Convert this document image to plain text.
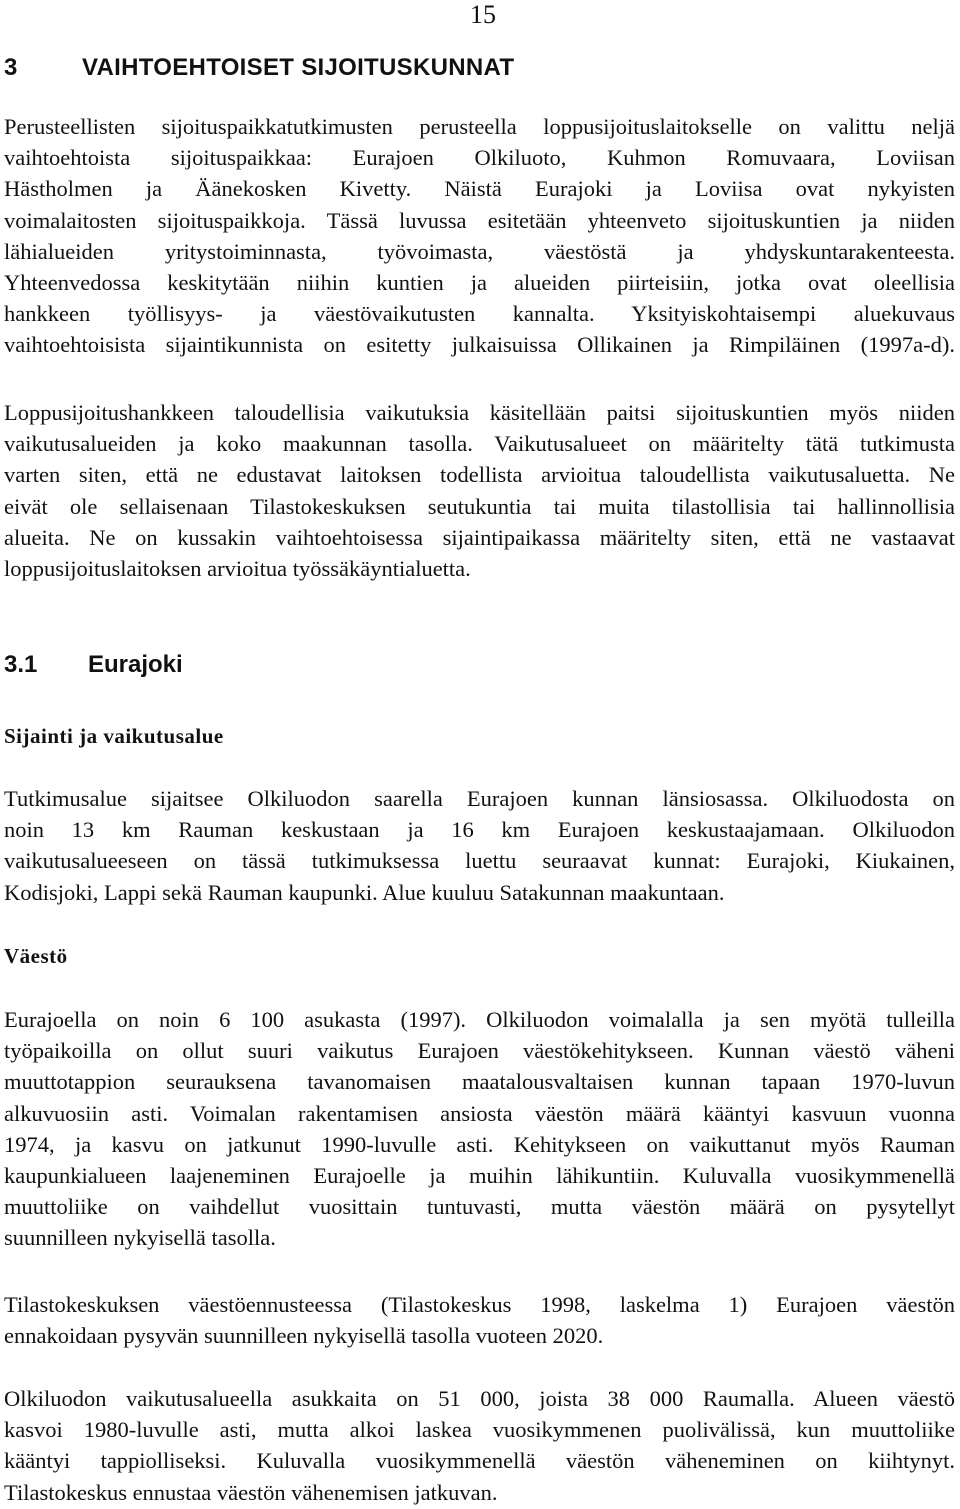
15
3	VAIHTOEHTOISET SIJOITUSKUNNAT
Perusteellisten sijoituspaikkatutkimusten perusteella loppusijoituslaitokselle on valittu neljä
vaihtoehtoista sijoituspaikkaa: Eurajoen Olkiluoto, Kuhmon Romuvaara, Loviisan
Hästholmen ja Äänekosken Kivetty. Näistä Eurajoki ja Loviisa ovat nykyisten
voimalaitosten sijoituspaikkoja. Tässä luvussa esitetään yhteenveto sijoituskuntien ja niiden
lähialueiden yritystoiminnasta, työvoimasta, väestöstä ja yhdyskuntarakenteesta.
Yhteenvedossa keskitytään niihin kuntien ja alueiden piirteisiin, jotka ovat oleellisia
hankkeen työllisyys- ja väestövaikutusten kannalta. Yksityiskohtaisempi aluekuvaus
vaihtoehtoisista sijaintikunnista on esitetty julkaisuissa Ollikainen ja Rimpiläinen (1997a-d).
Loppusijoitushankkeen taloudellisia vaikutuksia käsitellään paitsi sijoituskuntien myös niiden
vaikutusalueiden ja koko maakunnan tasolla. Vaikutusalueet on määritelty tätä tutkimusta
varten siten, että ne edustavat laitoksen todellista arvioitua taloudellista vaikutusaluetta. Ne
eivät ole sellaisenaan Tilastokeskuksen seutukuntia tai muita tilastollisia tai hallinnollisia
alueita. Ne on kussakin vaihtoehtoisessa sijaintipaikassa määritelty siten, että ne vastaavat
loppusijoituslaitoksen arvioitua työssäkäyntialuetta.
3.1 Eurajoki
Sijainti ja vaikutusalue
Tutkimusalue sijaitsee Olkiluodon saarella Eurajoen kunnan länsiosassa. Olkiluodosta on
noin 13 km Rauman keskustaan ja 16 km Eurajoen keskustaajamaan. Olkiluodon
vaikutusalueeseen on tässä tutkimuksessa luettu seuraavat kunnat: Eurajoki, Kiukainen,
Kodisjoki, Lappi sekä Rauman kaupunki. Alue kuuluu Satakunnan maakuntaan.
Väestö
Eurajoella on noin 6 100 asukasta (1997). Olkiluodon voimalalla ja sen myötä tulleilla
työpaikoilla on ollut suuri vaikutus Eurajoen väestökehitykseen. Kunnan väestö väheni
muuttotappion seurauksena tavanomaisen maatalousvaltaisen kunnan tapaan 1970-luvun
alkuvuosiin asti. Voimalan rakentamisen ansiosta väestön määrä kääntyi kasvuun vuonna
1974, ja kasvu on jatkunut 1990-luvulle asti. Kehitykseen on vaikuttanut myös Rauman
kaupunkialueen laajeneminen Eurajoelle ja muihin lähikuntiin. Kuluvalla vuosikymmenellä
muuttoliike on vaihdellut vuosittain tuntuvasti, mutta väestön määrä on pysytellyt
suunnilleen nykyisellä tasolla.
Tilastokeskuksen väestöennusteessa (Tilastokeskus 1998, laskelma 1) Eurajoen väestön
ennakoidaan pysyvän suunnilleen nykyisellä tasolla vuoteen 2020.
Olkiluodon vaikutusalueella asukkaita on 51 000, joista 38 000 Raumalla. Alueen väestö
kasvoi 1980-luvulle asti, mutta alkoi laskea vuosikymmenen puolivälissä, kun muuttoliike
kääntyi tappiolliseksi. Kuluvalla vuosikymmenellä väestön väheneminen on kiihtynyt.
Tilastokeskus ennustaa väestön vähenemisen jatkuvan.
